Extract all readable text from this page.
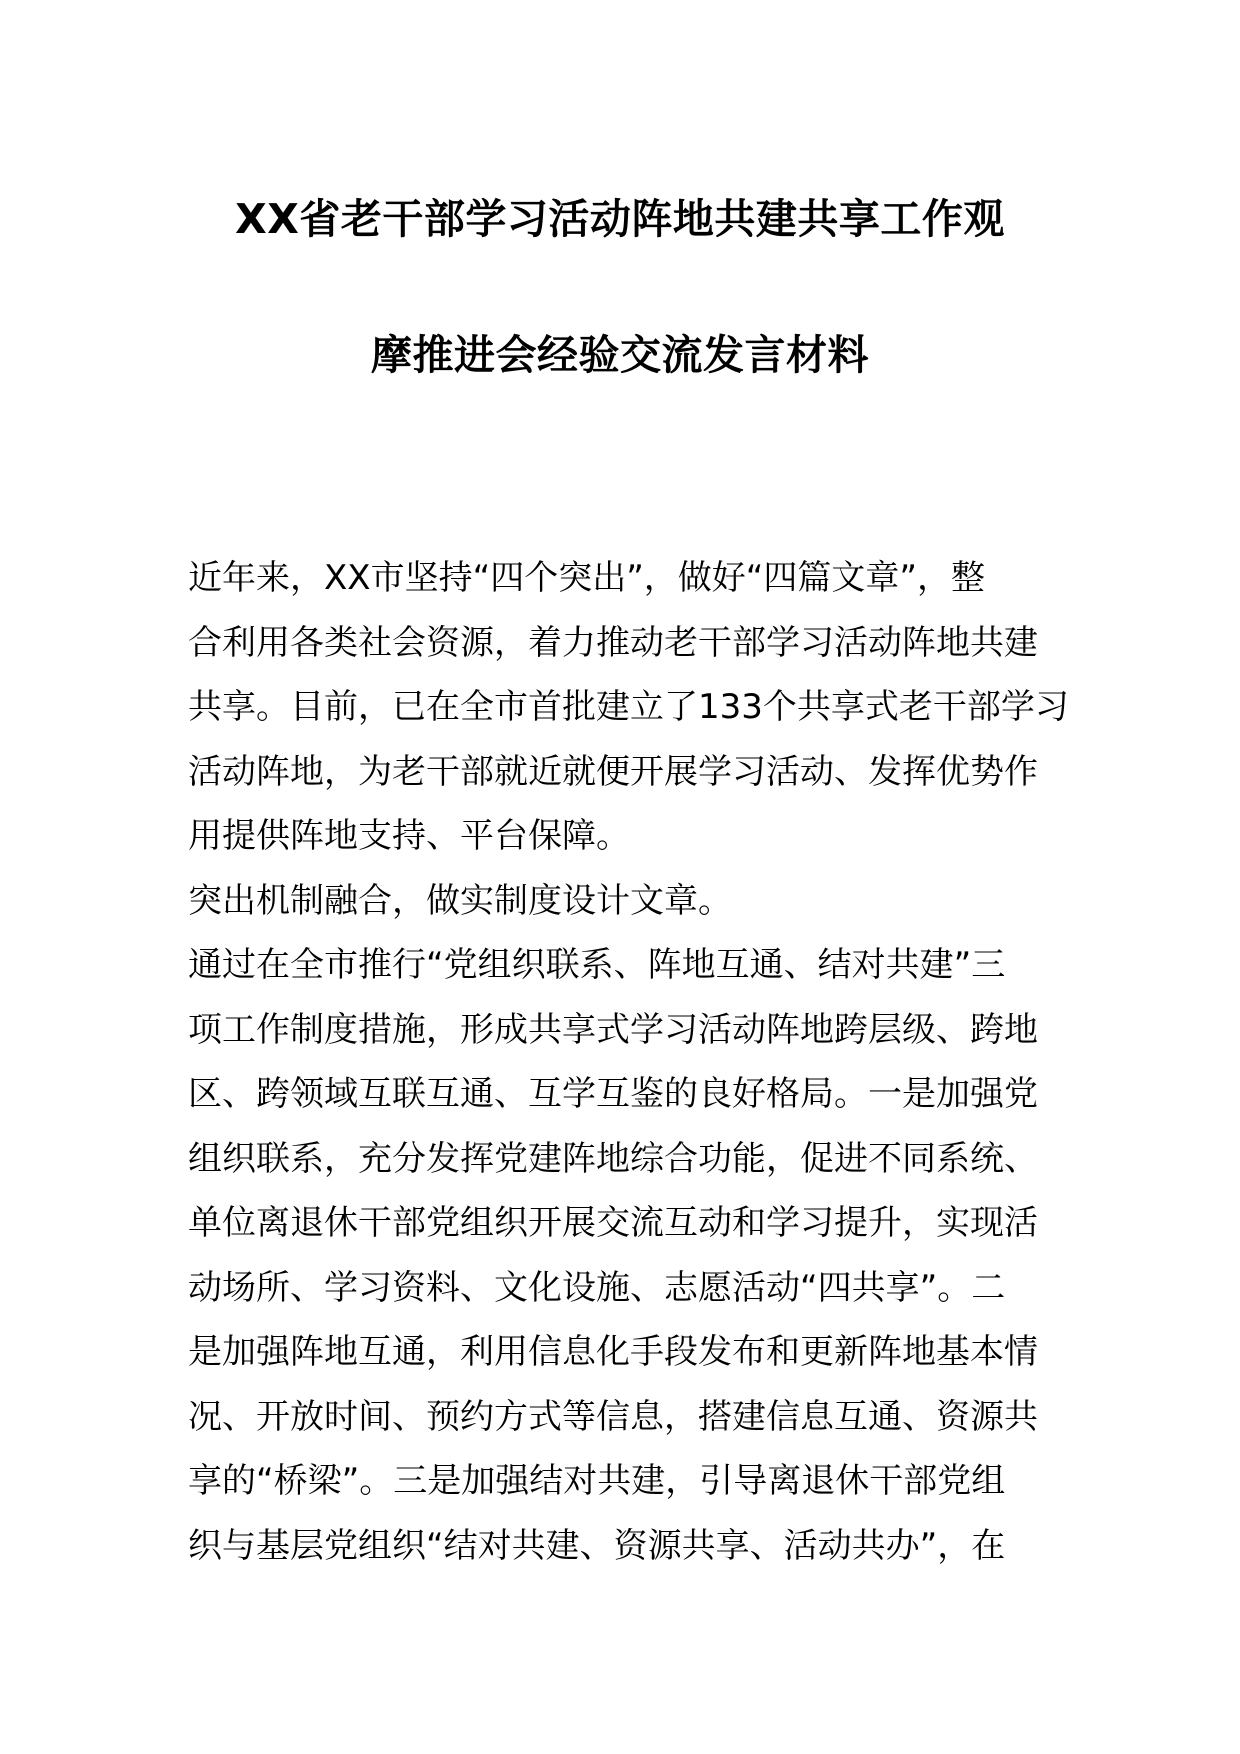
XX省老干部学习活动阵地共建共享工作观
摩推进会经验交流发言材料

近年来，XX市坚持“四个突出”，做好“四篇文章”，整
合利用各类社会资源，着力推动老干部学习活动阵地共建
共享。目前，已在全市首批建立了133个共享式老干部学习
活动阵地，为老干部就近就便开展学习活动、发挥优势作
用提供阵地支持、平台保障。

突出机制融合，做实制度设计文章。

通过在全市推行“党组织联系、阵地互通、结对共建”三
项工作制度措施，形成共享式学习活动阵地跨层级、跨地
区、跨领域互联互通、互学互鉴的良好格局。一是加强党
组织联系，充分发挥党建阵地综合功能，促进不同系统、
单位离退休干部党组织开展交流互动和学习提升，实现活
动场所、学习资料、文化设施、志愿活动“四共享”。二
是加强阵地互通，利用信息化手段发布和更新阵地基本情
况、开放时间、预约方式等信息，搭建信息互通、资源共
享的“桥梁”。三是加强结对共建，引导离退休干部党组
织与基层党组织“结对共建、资源共享、活动共办”，在
